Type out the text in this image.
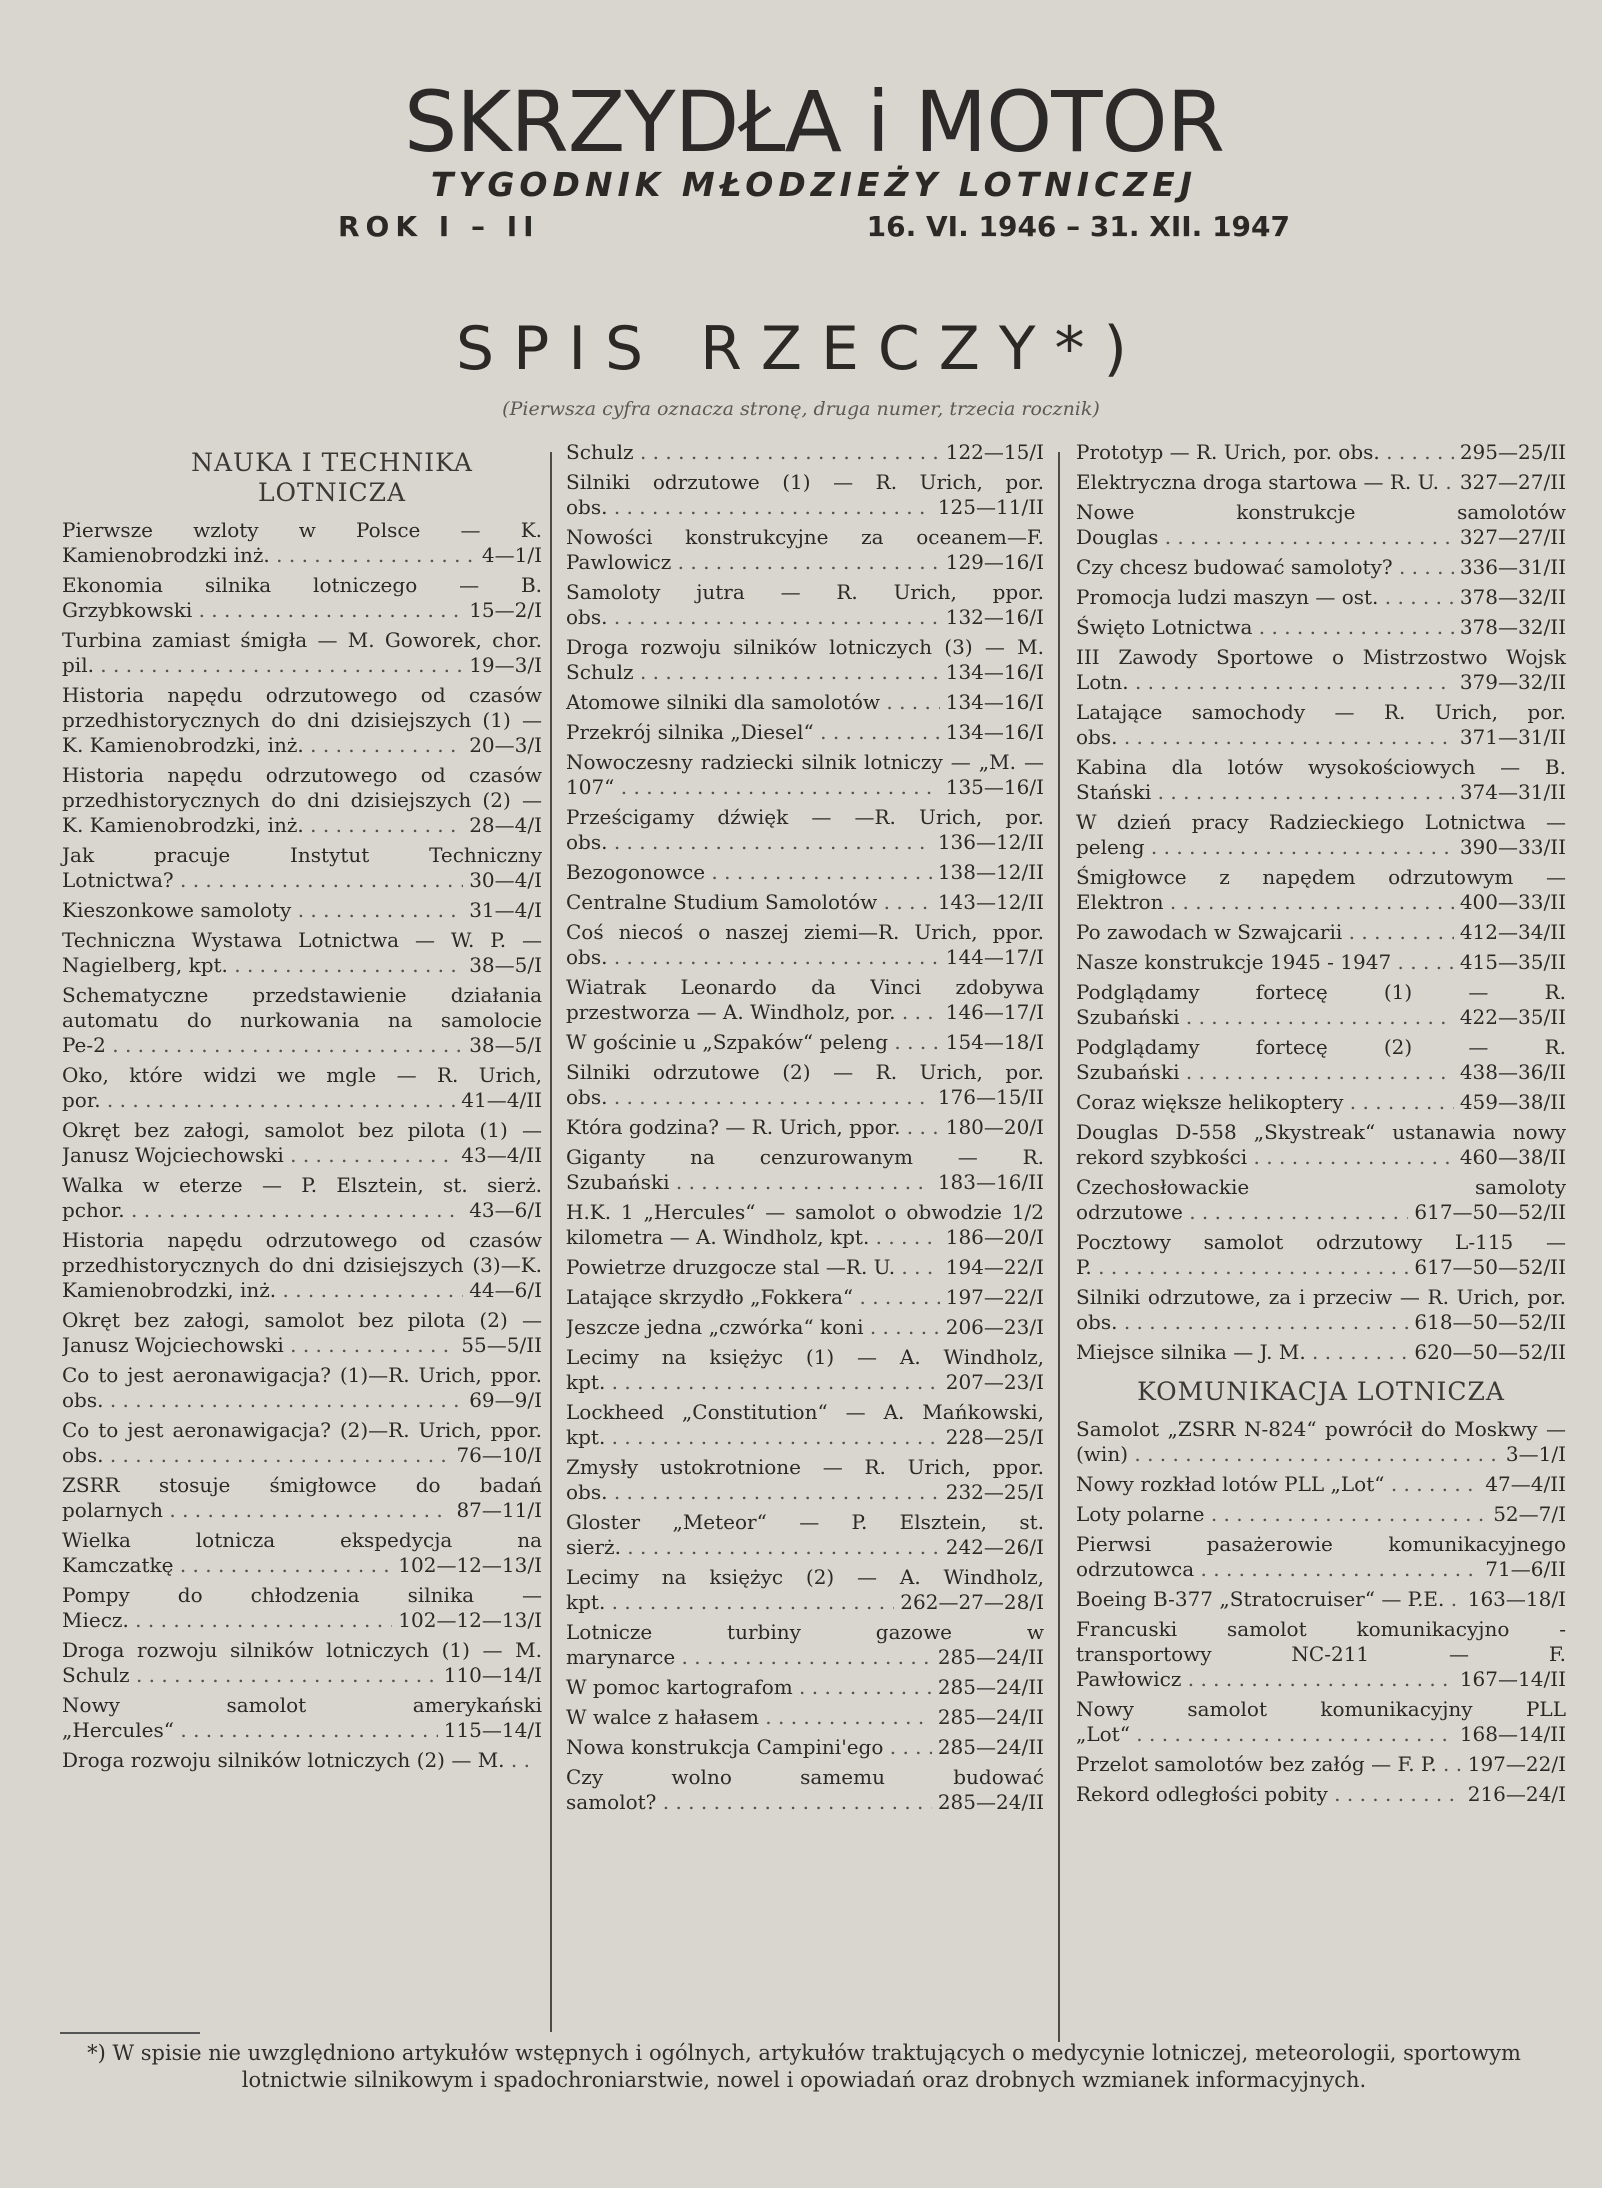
SKRZYDŁA i MOTOR
TYGODNIK MŁODZIEŻY LOTNICZEJ
ROK I – II	16. VI. 1946 – 31. XII. 1947
SPIS RZECZY*)
(Pierwsza cyfra oznacza stronę, druga numer, trzecia rocznik)
NAUKA I TECHNIKA LOTNICZA
Pierwsze wzloty w Polsce — K.
Kamienobrodzki inż. . . .	4—1/I
Ekonomia silnika lotniczego — B.
Grzybkowski . . .	15—2/I
Turbina zamiast śmigła — M. Goworek, chor.
pil. . . .	19—3/I
Historia napędu odrzutowego od czasów
przedhistorycznych do dni dzisiejszych (1) —
K. Kamienobrodzki, inż. . . .	20—3/I
Historia napędu odrzutowego od czasów
przedhistorycznych do dni dzisiejszych (2) —
K. Kamienobrodzki, inż. . . .	28—4/I
Jak pracuje Instytut Techniczny
Lotnictwa? . . .	30—4/I
Kieszonkowe samoloty . . .	31—4/I
Techniczna Wystawa Lotnictwa — W. P. —
Nagielberg, kpt. . . .	38—5/I
Schematyczne przedstawienie działania
automatu do nurkowania na samolocie
Pe-2 . . .	38—5/I
Oko, które widzi we mgle — R. Urich,
por. . . .	41—4/II
Okręt bez załogi, samolot bez pilota (1) —
Janusz Wojciechowski . . .	43—4/II
Walka w eterze — P. Elsztein, st. sierż.
pchor. . . .	43—6/I
Historia napędu odrzutowego od czasów
przedhistorycznych do dni dzisiejszych (3)—K.
Kamienobrodzki, inż. . . .	44—6/I
Okręt bez załogi, samolot bez pilota (2) —
Janusz Wojciechowski . . .	55—5/II
Co to jest aeronawigacja? (1)—R. Urich, ppor.
obs. . . .	69—9/I
Co to jest aeronawigacja? (2)—R. Urich, ppor.
obs. . . .	76—10/I
ZSRR stosuje śmigłowce do badań
polarnych . . .	87—11/I
Wielka lotnicza ekspedycja na
Kamczatkę . . .	102—12—13/I
Pompy do chłodzenia silnika —
Miecz. . . .	102—12—13/I
Droga rozwoju silników lotniczych (1) — M.
Schulz . . .	110—14/I
Nowy samolot amerykański
„Hercules“ . . .	115—14/I
Droga rozwoju silników lotniczych (2) — M. . . .
Schulz . . .	122—15/I
Silniki odrzutowe (1) — R. Urich, por.
obs. . . .	125—11/II
Nowości konstrukcyjne za oceanem—F.
Pawlowicz . . .	129—16/I
Samoloty jutra — R. Urich, ppor.
obs. . . .	132—16/I
Droga rozwoju silników lotniczych (3) — M.
Schulz . . .	134—16/I
Atomowe silniki dla samolotów . . .	134—16/I
Przekrój silnika „Diesel“ . . .	134—16/I
Nowoczesny radziecki silnik lotniczy — „M. —
107“ . . .	135—16/I
Prześcigamy dźwięk — —R. Urich, por.
obs. . . .	136—12/II
Bezogonowce . . .	138—12/II
Centralne Studium Samolotów . . .	143—12/II
Coś niecoś o naszej ziemi—R. Urich, ppor.
obs. . . .	144—17/I
Wiatrak Leonardo da Vinci zdobywa
przestworza — A. Windholz, por. . . .	146—17/I
W gościnie u „Szpaków“ peleng . . .	154—18/I
Silniki odrzutowe (2) — R. Urich, por.
obs. . . .	176—15/II
Która godzina? — R. Urich, ppor. . . .	180—20/I
Giganty na cenzurowanym — R.
Szubański . . .	183—16/II
H.K. 1 „Hercules“ — samolot o obwodzie 1/2
kilometra — A. Windholz, kpt. . . .	186—20/I
Powietrze druzgocze stal —R. U. . . .	194—22/I
Latające skrzydło „Fokkera“ . . .	197—22/I
Jeszcze jedna „czwórka“ koni . . .	206—23/I
Lecimy na księżyc (1) — A. Windholz,
kpt. . . .	207—23/I
Lockheed „Constitution“ — A. Mańkowski,
kpt. . . .	228—25/I
Zmysły ustokrotnione — R. Urich, ppor.
obs. . . .	232—25/I
Gloster „Meteor“ — P. Elsztein, st.
sierż. . . .	242—26/I
Lecimy na księżyc (2) — A. Windholz,
kpt. . . .	262—27—28/I
Lotnicze turbiny gazowe w
marynarce . . .	285—24/II
W pomoc kartografom . . .	285—24/II
W walce z hałasem . . .	285—24/II
Nowa konstrukcja Campini'ego . . .	285—24/II
Czy wolno samemu budować
samolot? . . .	285—24/II
Prototyp — R. Urich, por. obs. . . .	295—25/II
Elektryczna droga startowa — R. U. . . .	327—27/II
Nowe konstrukcje samolotów
Douglas . . .	327—27/II
Czy chcesz budować samoloty? . . .	336—31/II
Promocja ludzi maszyn — ost. . . .	378—32/II
Święto Lotnictwa . . .	378—32/II
III Zawody Sportowe o Mistrzostwo Wojsk
Lotn. . . .	379—32/II
Latające samochody — R. Urich, por.
obs. . . .	371—31/II
Kabina dla lotów wysokościowych — B.
Stański . . .	374—31/II
W dzień pracy Radzieckiego Lotnictwa —
peleng . . .	390—33/II
Śmigłowce z napędem odrzutowym —
Elektron . . .	400—33/II
Po zawodach w Szwajcarii . . .	412—34/II
Nasze konstrukcje 1945 - 1947 . . .	415—35/II
Podglądamy fortecę (1) — R.
Szubański . . .	422—35/II
Podglądamy fortecę (2) — R.
Szubański . . .	438—36/II
Coraz większe helikoptery . . .	459—38/II
Douglas D-558 „Skystreak“ ustanawia nowy
rekord szybkości . . .	460—38/II
Czechosłowackie samoloty
odrzutowe . . .	617—50—52/II
Pocztowy samolot odrzutowy L-115 —
P. . . .	617—50—52/II
Silniki odrzutowe, za i przeciw — R. Urich, por.
obs. . . .	618—50—52/II
Miejsce silnika — J. M. . . .	620—50—52/II
KOMUNIKACJA LOTNICZA
Samolot „ZSRR N-824“ powrócił do Moskwy —
(win) . . .	3—1/I
Nowy rozkład lotów PLL „Lot“ . . .	47—4/II
Loty polarne . . .	52—7/I
Pierwsi pasażerowie komunikacyjnego
odrzutowca . . .	71—6/II
Boeing B-377 „Stratocruiser“ — P.E. . . .	163—18/I
Francuski samolot komunikacyjno -
transportowy NC-211 — F.
Pawłowicz . . .	167—14/II
Nowy samolot komunikacyjny PLL
„Lot“ . . .	168—14/II
Przelot samolotów bez załóg — F. P. . . .	197—22/I
Rekord odległości pobity . . .	216—24/I
*) W spisie nie uwzględniono artykułów wstępnych i ogólnych, artykułów traktujących o medycynie lotniczej, meteorologii, sportowym lotnictwie silnikowym i spadochroniarstwie, nowel i opowiadań oraz drobnych wzmianek informacyjnych.
